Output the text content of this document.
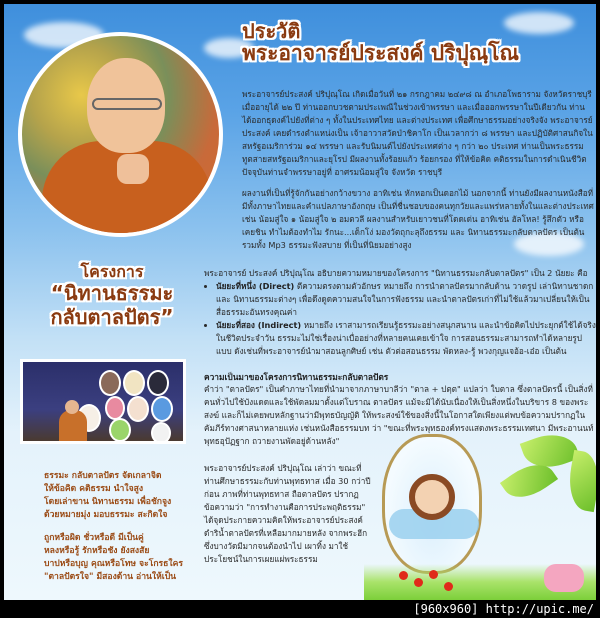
ประวัติ
พระอาจารย์ประสงค์ ปริปุณฺโณ

พระอาจารย์ประสงค์ ปริปุณฺโณ เกิดเมื่อวันที่ ๒๑ กรกฎาคม ๒๔๙๘ ณ อำเภอโพธาราม จังหวัดราชบุรี เมื่ออายุได้ ๒๒ ปี ท่านออกบวชตามประเพณีในช่วงเข้าพรรษา และเมื่อออกพรรษาในปีเดียวกัน ท่านได้ออกธุดงค์ไปยังที่ต่าง ๆ ทั้งในประเทศไทย และต่างประเทศ เพื่อศึกษาธรรมอย่างจริงจัง พระอาจารย์ประสงค์ เคยดำรงตำแหน่งเป็น เจ้าอาวาสวัดป่าชิคาโก เป็นเวลากว่า ๘ พรรษา และปฏิบัติศาสนกิจในสหรัฐอเมริการ่วม ๑๔ พรรษา และรับนิมนต์ไปยังประเทศต่าง ๆ กว่า ๒๐ ประเทศ ท่านเป็นพระธรรมทูตสายสหรัฐอเมริกาและยุโรป มีผลงานทั้งร้อยแก้ว ร้อยกรอง ที่ให้ข้อคิด คติธรรมในการดำเนินชีวิต ปัจจุบันท่านจำพรรษาอยู่ที่ อาศรมน้อมสู่ใจ จังหวัด ราชบุรี

ผลงานที่เป็นที่รู้จักกันอย่างกว้างขวาง อาทิเช่น หักหอกเป็นดอกไม้ นอกจากนี้ ท่านยังมีผลงานหนังสือที่มีทั้งภาษาไทยและคำแปลภาษาอังกฤษ เป็นที่ชื่นชอบของคนทุกวัยและแพร่หลายทั้งในและต่างประเทศ เช่น น้อมสู่ใจ ๑ น้อมสู่ใจ ๒ อมตวลี ผลงานสำหรับเยาวชนที่โดดเด่น อาทิเช่น ฮัลโหล! รู้สึกตัว หรือเคยชิน ทำไมต้องทำไม รักนะ...เด็กโง่ มองวัตถุกะลุถึงธรรม และ นิทานธรรมะกลับตาลปัตร เป็นต้น รวมทั้ง Mp3 ธรรมะฟังสบาย ที่เป็นที่นิยมอย่างสูง

โครงการ
“นิทานธรรมะ
กลับตาลปัตร”
พระอาจารย์ ประสงค์ ปริปุณฺโณ อธิบายความหมายของโครงการ "นิทานธรรมะกลับตาลปัตร" เป็น 2 นัยยะ คือ
• นัยยะที่หนึ่ง (Direct) ตีความตรงตามตัวอักษร หมายถึง การนำตาลปัตรมากลับด้าน วาดรูป เล่านิทานชาดก และ นิทานธรรมะต่างๆ เพื่อดึงดูดความสนใจในการฟังธรรม และนำตาลปัตรเก่าที่ไม่ใช้แล้วมาเปลี่ยนให้เป็นสื่อธรรมะอันทรงคุณค่า
• นัยยะที่สอง (Indirect) หมายถึง เราสามารถเรียนรู้ธรรมะอย่างสนุกสนาน และนำข้อคิดไปประยุกต์ใช้ได้จริงในชีวิตประจำวัน ธรรมะไม่ใช่เรื่องน่าเบื่ออย่างที่หลายคนเคยเข้าใจ การสอนธรรมะสามารถทำได้หลายรูปแบบ ดังเช่นที่พระอาจารย์นำมาสอนลูกศิษย์ เช่น ตัวต่อสอนธรรม พัดหลง-รู้ พวงกุญแจอ้อ-เอ๋อ เป็นต้น
ความเป็นมาของโครงการนิทานธรรมะกลับตาลปัตร

คำว่า "ตาลปัตร" เป็นคำภาษาไทยที่นำมาจากภาษาบาลีว่า "ตาล + ปตฺต" แปลว่า ใบตาล ซึ่งตาลปัตรนี้ เป็นสิ่งที่คนทั่วไปใช้บังแดดและใช้พัดลมมาตั้งแต่โบราณ ตาลปัตร แม้จะมิได้นับเนื่องให้เป็นสิ่งหนึ่งในบริขาร 8 ของพระสงฆ์ และก็ไม่เคยพบหลักฐานว่ามีพุทธบัญญัติ ให้พระสงฆ์ใช้ของสิ่งนี้ในโอกาสใดเพียงแต่พบข้อความปรากฏในคัมภีร์ทางศาสนาหลายแห่ง เช่นหนังสือธรรมบท ว่า "ขณะที่พระพุทธองค์ทรงแสดงพระธรรมเทศนา มีพระอานนท์พุทธอุปัฏฐาก ถวายงานพัดอยู่ด้านหลัง"

พระอาจารย์ประสงค์ ปริปุณฺโณ เล่าว่า ขณะที่ท่านศึกษาธรรมะกับท่านพุทธทาส เมื่อ 30 กว่าปีก่อน ภาพที่ท่านพุทธทาส ถือตาลปัตร ปรากฏข้อความว่า "การทำงานคือการประพฤติธรรม" ได้จุดประกายความคิดให้พระอาจารย์ประสงค์ ดำริน้ำตาลปัตรที่เหลือมากมายหลัง จากพระฮีก ซึ่งบางวัดมีมากจนต้องนำไป เผาทิ้ง มาใช้ประโยชน์ในการเผยแผ่พระธรรม

ธรรมะ กลับตาลปัตร จัดเกลาจิต
ให้ข้อคิด คติธรรม นำใจสูง
โดยเล่าขาน นิทานธรรม เพื่อชักจูง
ด้วยหมายมุ่ง มอบธรรมะ สะกิดใจ
ถูกหรือผิด ชั่วหรือดี มีเป็นคู่
หลงหรือรู้ รักหรือชัง ยังสงสัย
บาปหรือบุญ คุณหรือโทษ จะโกรธใคร
"ตาลปัตรใจ" มีสองด้าน อ่านให้เป็น
[960x960] http://upic.me/
